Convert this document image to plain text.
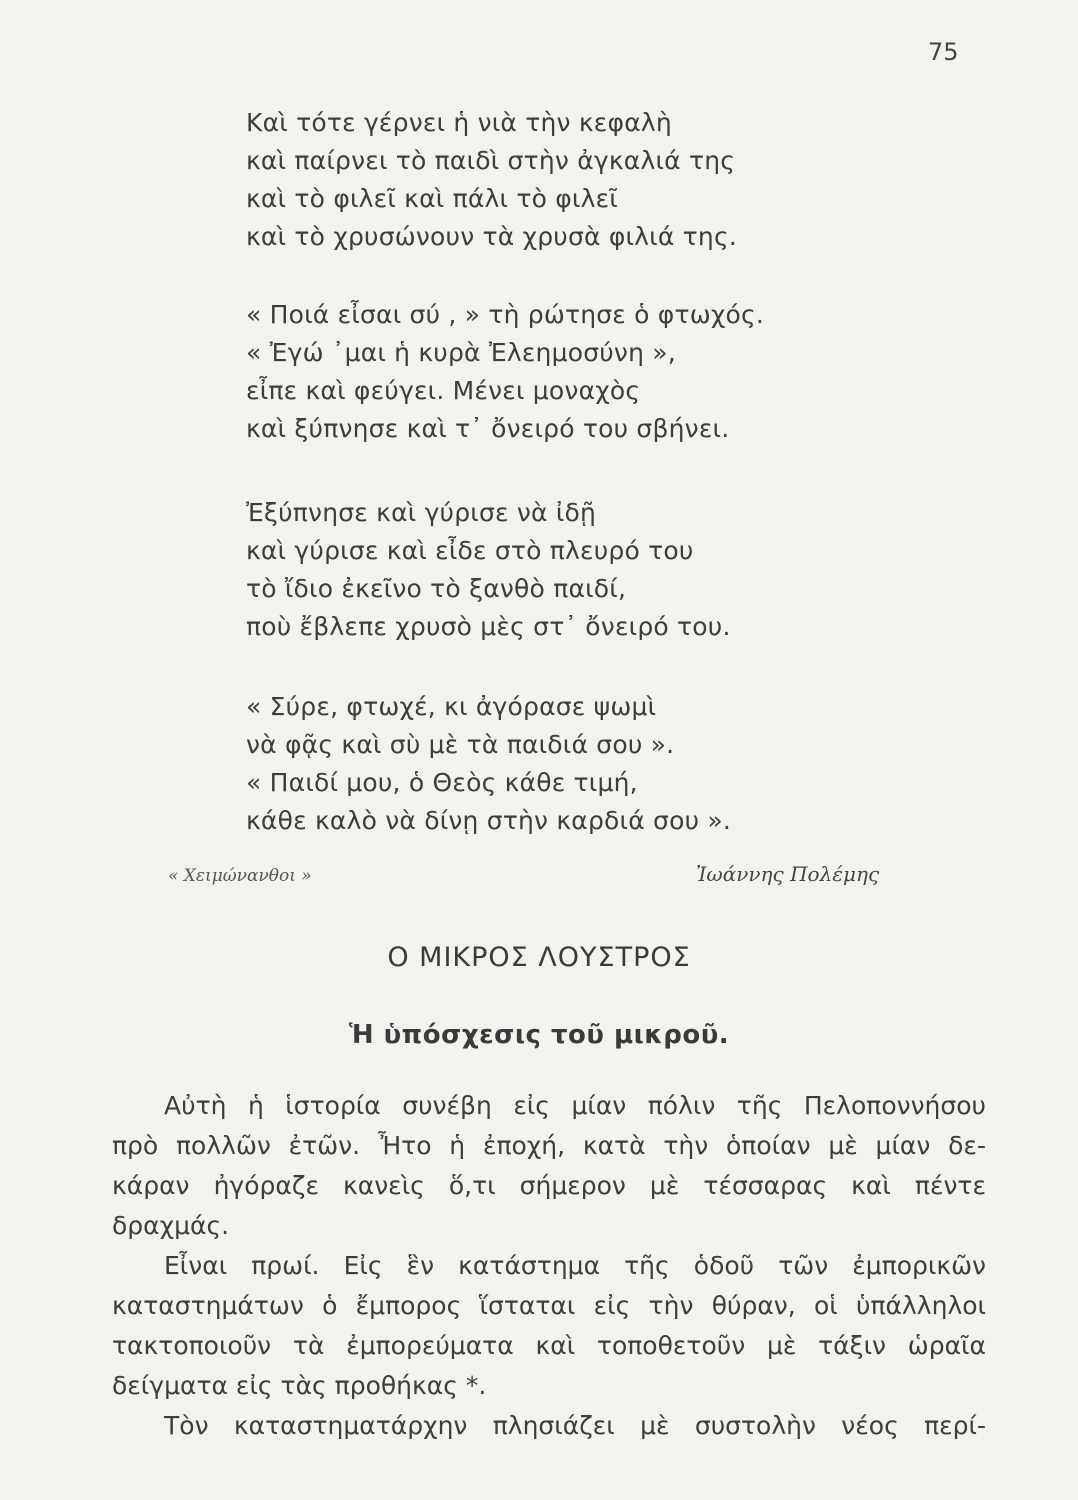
75
Καὶ τότε γέρνει ἡ νιὰ τὴν κεφαλὴ
καὶ παίρνει τὸ παιδὶ στὴν ἀγκαλιά της
καὶ τὸ φιλεῖ καὶ πάλι τὸ φιλεῖ
καὶ τὸ χρυσώνουν τὰ χρυσὰ φιλιά της.
« Ποιά εἶσαι σύ , » τὴ ρώτησε ὁ φτωχός.
« Ἐγώ ᾽μαι ἡ κυρὰ Ἐλεημοσύνη »,
εἶπε καὶ φεύγει. Μένει μοναχὸς
καὶ ξύπνησε καὶ τ᾽ ὄνειρό του σβήνει.
Ἐξύπνησε καὶ γύρισε νὰ ἰδῇ
καὶ γύρισε καὶ εἶδε στὸ πλευρό του
τὸ ἴδιο ἐκεῖνο τὸ ξανθὸ παιδί,
ποὺ ἔβλεπε χρυσὸ μὲς στ᾽ ὄνειρό του.
« Σύρε, φτωχέ, κι ἀγόρασε ψωμὶ
νὰ φᾷς καὶ σὺ μὲ τὰ παιδιά σου ».
« Παιδί μου, ὁ Θεὸς κάθε τιμή,
κάθε καλὸ νὰ δίνῃ στὴν καρδιά σου ».
« Χειμώνανθοι »	Ἰωάννης Πολέμης
Ο ΜΙΚΡΟΣ ΛΟΥΣΤΡΟΣ
Ἡ ὑπόσχεσις τοῦ μικροῦ.
Αὐτὴ ἡ ἱστορία συνέβη εἰς μίαν πόλιν τῆς Πελοποννήσου
πρὸ πολλῶν ἐτῶν. Ἦτο ἡ ἐποχή, κατὰ τὴν ὁποίαν μὲ μίαν δε-
κάραν ἠγόραζε κανεὶς ὅ,τι σήμερον μὲ τέσσαρας καὶ πέντε
δραχμάς.
Εἶναι πρωί. Εἰς ἓν κατάστημα τῆς ὁδοῦ τῶν ἐμπορικῶν
καταστημάτων ὁ ἔμπορος ἵσταται εἰς τὴν θύραν, οἱ ὑπάλληλοι
τακτοποιοῦν τὰ ἐμπορεύματα καὶ τοποθετοῦν μὲ τάξιν ὡραῖα
δείγματα εἰς τὰς προθήκας *.
Τὸν καταστηματάρχην πλησιάζει μὲ συστολὴν νέος περί-
